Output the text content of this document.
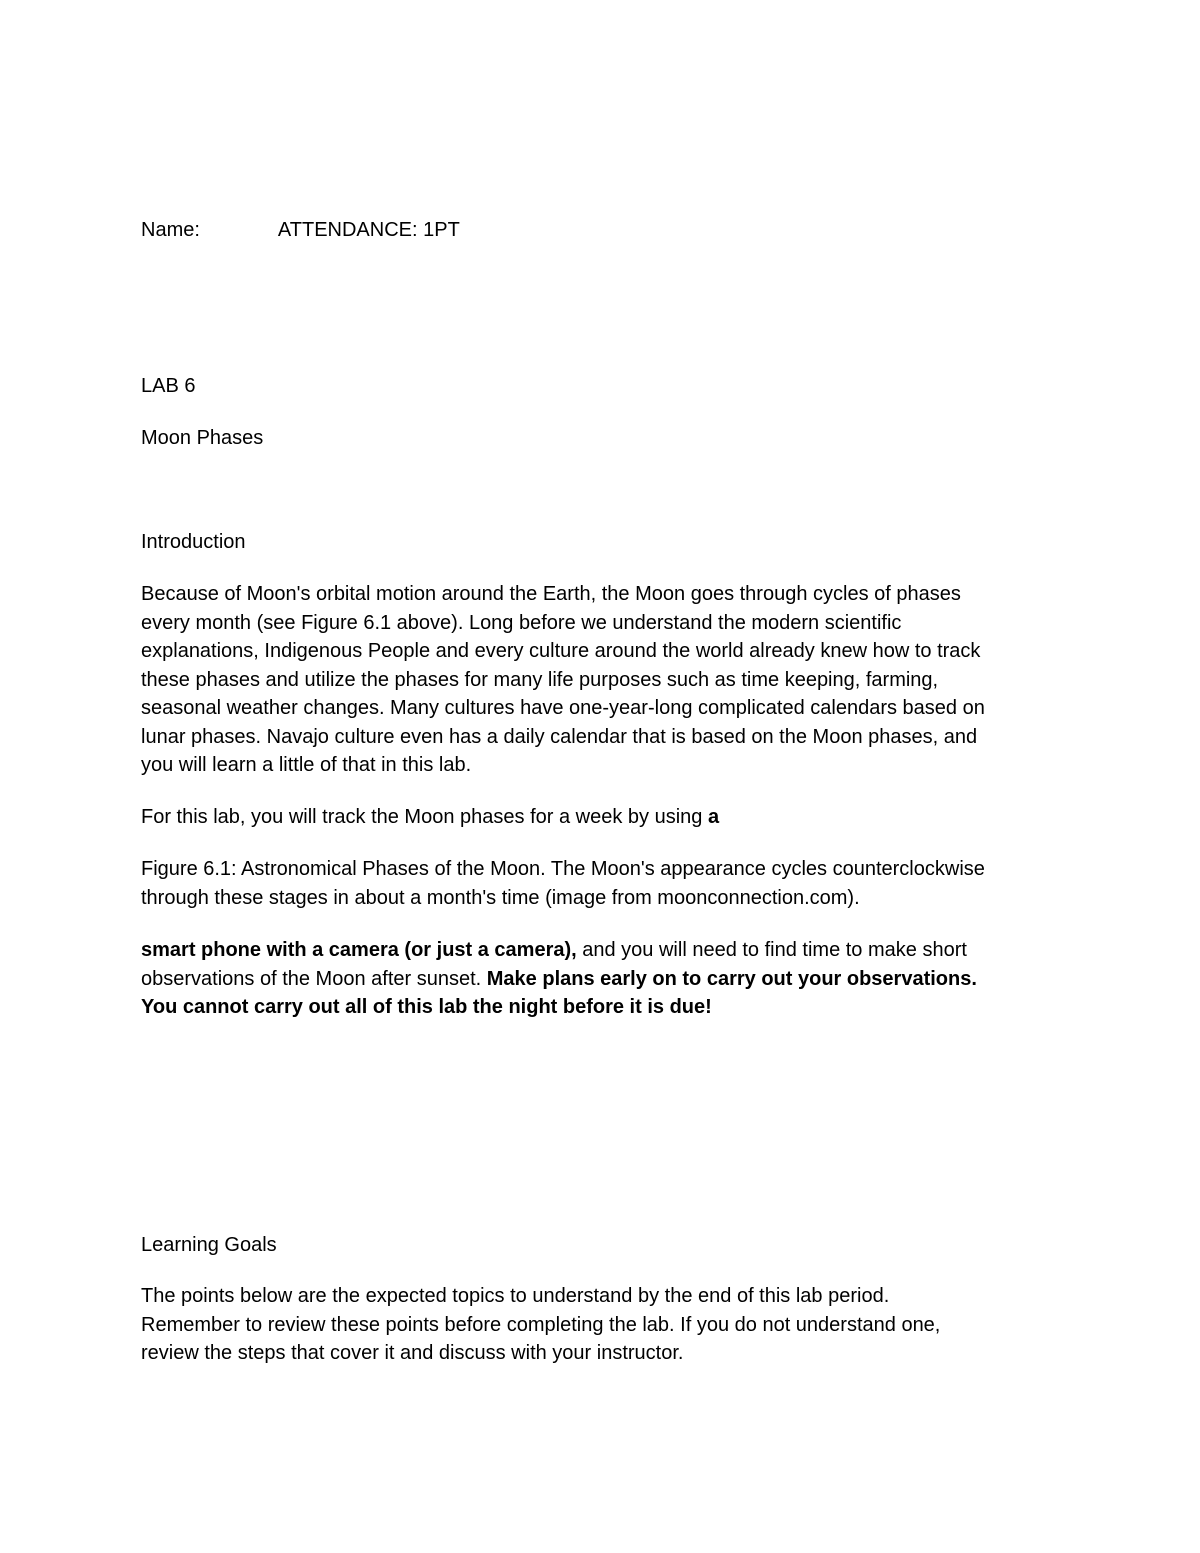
Name:	ATTENDANCE: 1PT

LAB 6

Moon Phases

Introduction

Because of Moon's orbital motion around the Earth, the Moon goes through cycles of phases
every month (see Figure 6.1 above). Long before we understand the modern scientific
explanations, Indigenous People and every culture around the world already knew how to track
these phases and utilize the phases for many life purposes such as time keeping, farming,
seasonal weather changes. Many cultures have one-year-long complicated calendars based on
lunar phases. Navajo culture even has a daily calendar that is based on the Moon phases, and
you will learn a little of that in this lab.

For this lab, you will track the Moon phases for a week by using a

Figure 6.1: Astronomical Phases of the Moon. The Moon's appearance cycles counterclockwise
through these stages in about a month's time (image from moonconnection.com).
smart phone with a camera (or just a camera), and you will need to find time to make short
observations of the Moon after sunset. Make plans early on to carry out your observations.
You cannot carry out all of this lab the night before it is due!

Learning Goals

The points below are the expected topics to understand by the end of this lab period.
Remember to review these points before completing the lab. If you do not understand one,
review the steps that cover it and discuss with your instructor.
